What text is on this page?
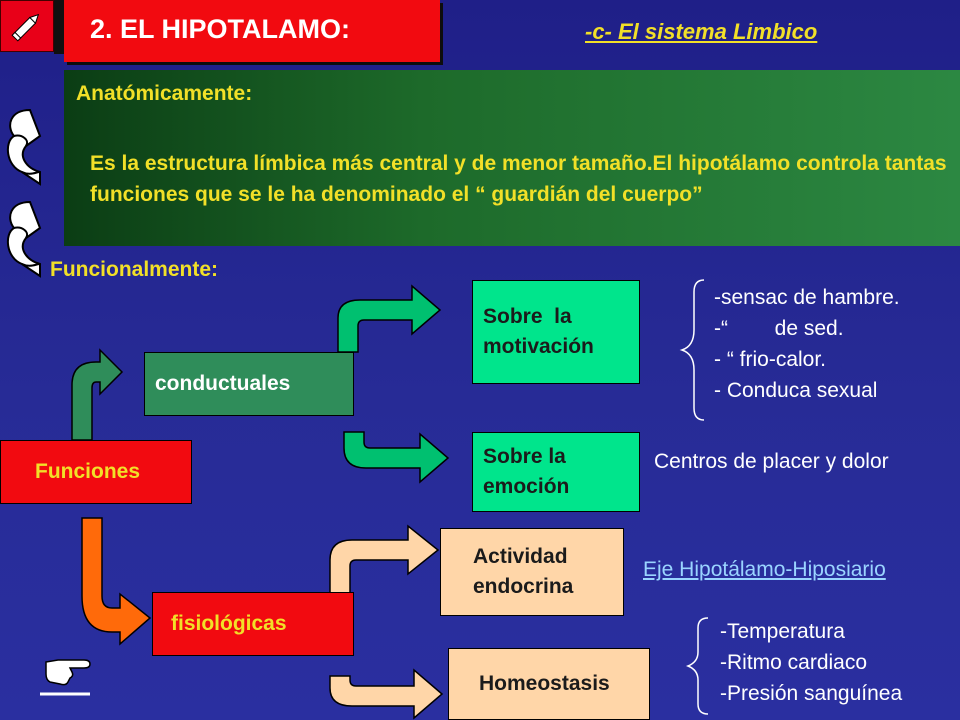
2. EL HIPOTALAMO:	-c- El sistema Limbico
Anatómicamente:
Es la estructura límbica más central y de menor tamaño.El hipotálamo controla tantas funciones que se le ha denominado el “ guardián del cuerpo”
Funcionalmente:
Funciones
conductuales
fisiológicas
Sobre  la motivación
Sobre la emoción
Actividad endocrina
Homeostasis
-sensac de hambre.
-“        de sed.
- “ frio-calor.
- Conduca sexual
Centros de placer y dolor
Eje Hipotálamo-Hiposiario
-Temperatura
-Ritmo cardiaco
-Presión sanguínea
